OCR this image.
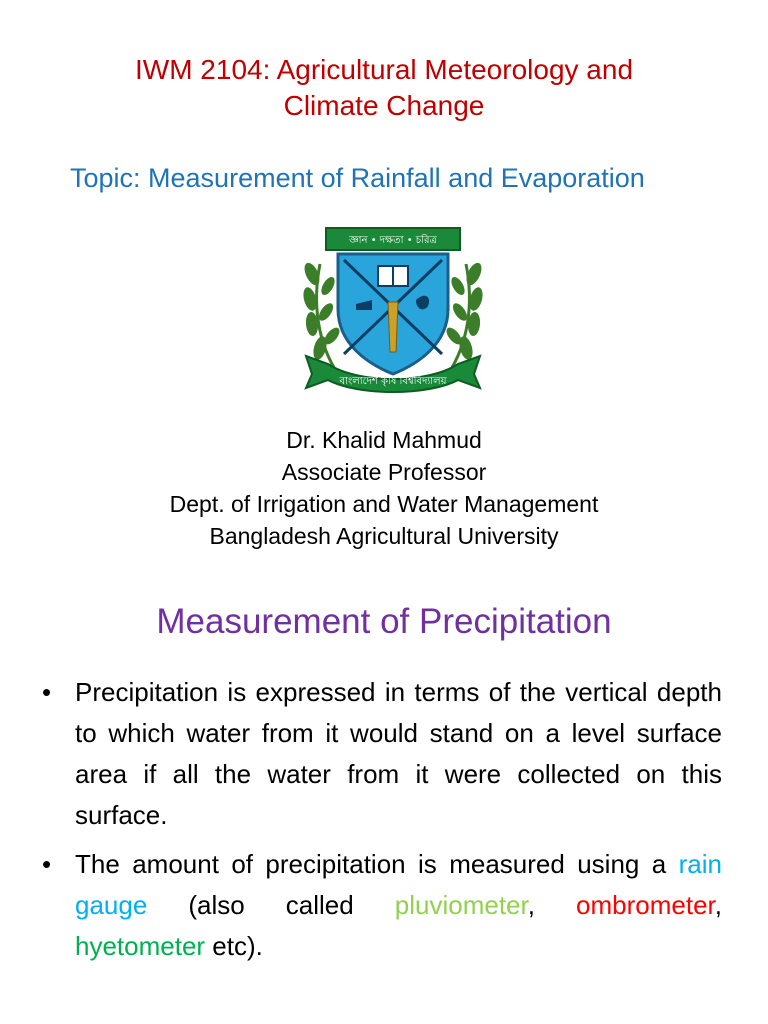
IWM 2104: Agricultural Meteorology and
Climate Change
Topic: Measurement of Rainfall and Evaporation
জ্ঞান • দক্ষতা • চরিত্র
বাংলাদেশ কৃষি বিশ্ববিদ্যালয়
Dr. Khalid Mahmud
Associate Professor
Dept. of Irrigation and Water Management
Bangladesh Agricultural University
Measurement of Precipitation
• Precipitation is expressed in terms of the vertical depth to which water from it would stand on a level surface area if all the water from it were collected on this surface.
• The amount of precipitation is measured using a rain gauge (also called pluviometer, ombrometer, hyetometer etc).
